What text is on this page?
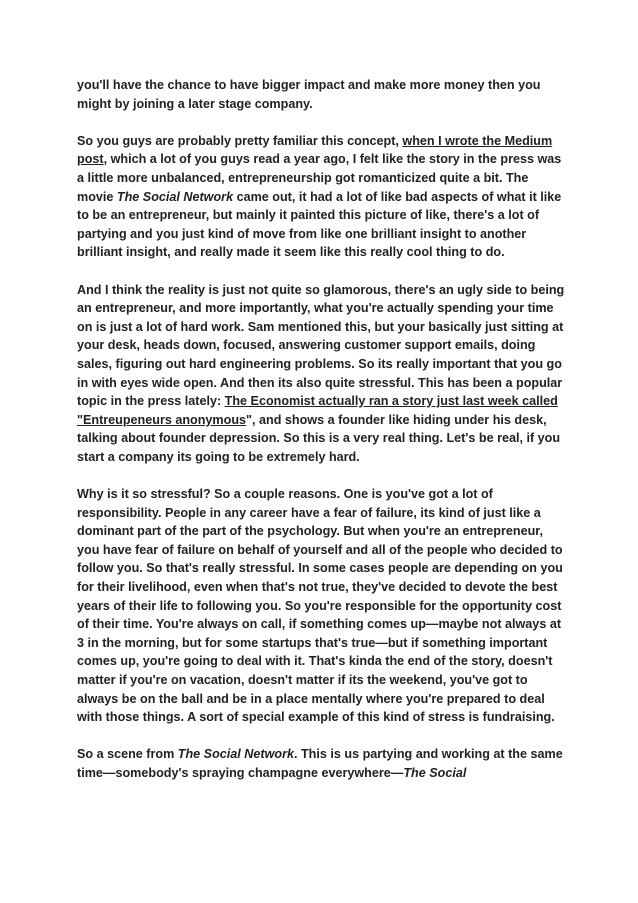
you'll have the chance to have bigger impact and make more money then you might by joining a later stage company.

So you guys are probably pretty familiar this concept, when I wrote the Medium post, which a lot of you guys read a year ago, I felt like the story in the press was a little more unbalanced, entrepreneurship got romanticized quite a bit. The movie The Social Network came out, it had a lot of like bad aspects of what it like to be an entrepreneur, but mainly it painted this picture of like, there's a lot of partying and you just kind of move from like one brilliant insight to another brilliant insight, and really made it seem like this really cool thing to do.

And I think the reality is just not quite so glamorous, there's an ugly side to being an entrepreneur, and more importantly, what you're actually spending your time on is just a lot of hard work. Sam mentioned this, but your basically just sitting at your desk, heads down, focused, answering customer support emails, doing sales, figuring out hard engineering problems. So its really important that you go in with eyes wide open. And then its also quite stressful. This has been a popular topic in the press lately: The Economist actually ran a story just last week called "Entreupeneurs anonymous", and shows a founder like hiding under his desk, talking about founder depression. So this is a very real thing. Let's be real, if you start a company its going to be extremely hard.

Why is it so stressful? So a couple reasons. One is you've got a lot of responsibility. People in any career have a fear of failure, its kind of just like a dominant part of the part of the psychology. But when you're an entrepreneur, you have fear of failure on behalf of yourself and all of the people who decided to follow you. So that's really stressful. In some cases people are depending on you for their livelihood, even when that's not true, they've decided to devote the best years of their life to following you. So you're responsible for the opportunity cost of their time. You're always on call, if something comes up—maybe not always at 3 in the morning, but for some startups that's true—but if something important comes up, you're going to deal with it. That's kinda the end of the story, doesn't matter if you're on vacation, doesn't matter if its the weekend, you've got to always be on the ball and be in a place mentally where you're prepared to deal with those things. A sort of special example of this kind of stress is fundraising.

So a scene from The Social Network. This is us partying and working at the same time—somebody's spraying champagne everywhere—The Social
